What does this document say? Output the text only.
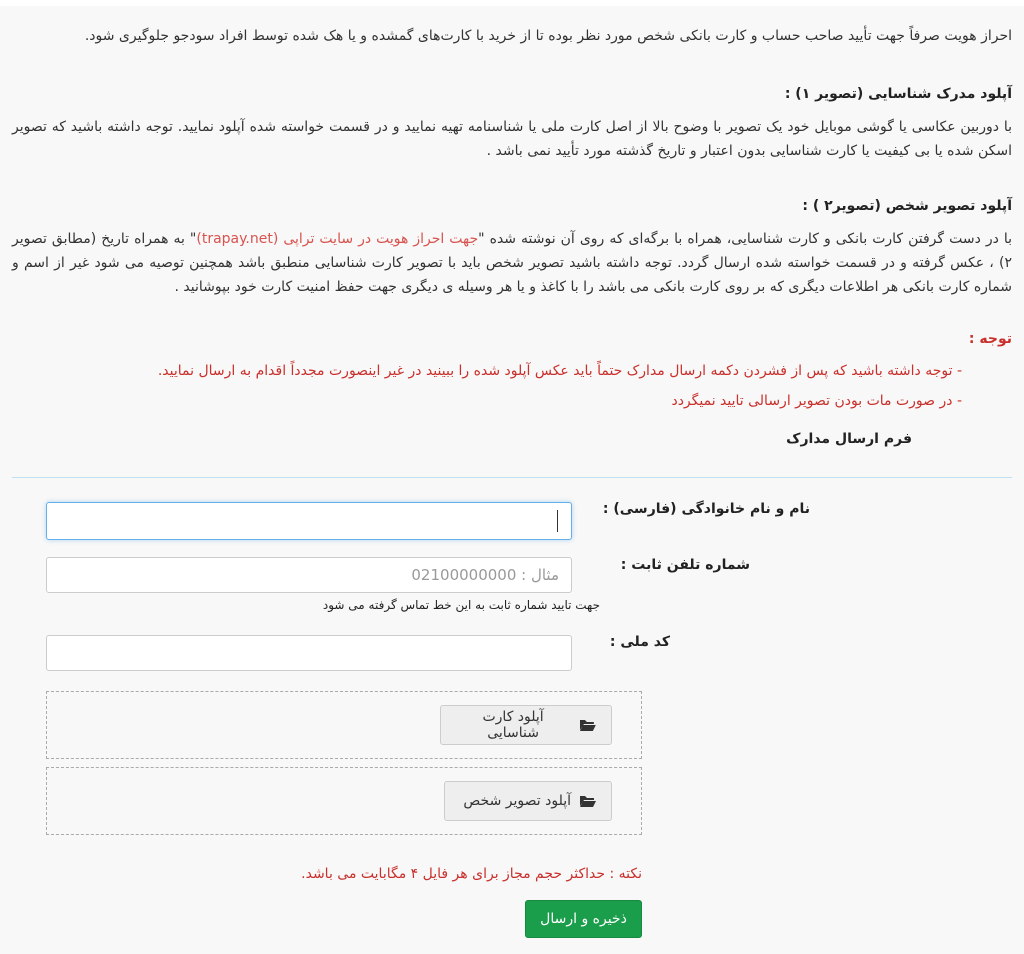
احراز هویت صرفاً جهت تأیید صاحب حساب و کارت بانکی شخص مورد نظر بوده تا از خرید با کارت‌های گمشده و یا هک شده توسط افراد سودجو جلوگیری شود.
آپلود مدرک شناسایی (تصویر ۱) :
با دوربین عکاسی یا گوشی موبایل خود یک تصویر با وضوح بالا از اصل کارت ملی یا شناسنامه تهیه نمایید و در قسمت خواسته شده آپلود نمایید. توجه داشته باشید که تصویر اسکن شده یا بی کیفیت یا کارت شناسایی بدون اعتبار و تاریخ گذشته مورد تأیید نمی باشد .
آپلود تصویر شخص (تصویر۲ ) :
با در دست گرفتن کارت بانکی و کارت شناسایی، همراه با برگه‌ای که روی آن نوشته شده "جهت احراز هویت در سایت تراپی (trapay.net)" به همراه تاریخ (مطابق تصویر ۲) ، عکس گرفته و در قسمت خواسته شده ارسال گردد. توجه داشته باشید تصویر شخص باید با تصویر کارت شناسایی منطبق باشد همچنین توصیه می شود غیر از اسم و شماره کارت بانکی هر اطلاعات دیگری که بر روی کارت بانکی می باشد را با کاغذ و یا هر وسیله ی دیگری جهت حفظ امنیت کارت خود بپوشانید .
توجه :
- توجه داشته باشید که پس از فشردن دکمه ارسال مدارک حتماً باید عکس آپلود شده را ببینید در غیر اینصورت مجدداً اقدام به ارسال نمایید.
- در صورت مات بودن تصویر ارسالی تایید نمیگردد
فرم ارسال مدارک
نام و نام خانوادگی (فارسی) :
شماره تلفن ثابت :
مثال : 02100000000
جهت تایید شماره ثابت به این خط تماس گرفته می شود
کد ملی :
آپلود کارت شناسایی
آپلود تصویر شخص
نکته : حداکثر حجم مجاز برای هر فایل ۴ مگابایت می باشد.
ذخیره و ارسال
